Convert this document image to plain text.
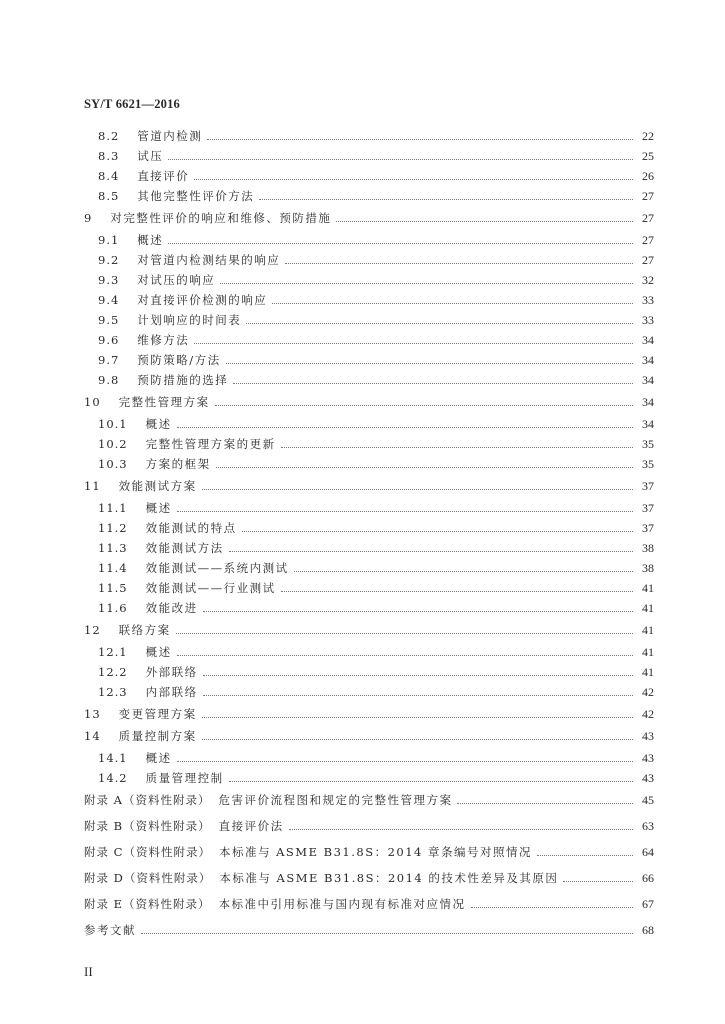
SY/T 6621—2016
8.2 管道内检测	22
8.3 试压	25
8.4 直接评价	26
8.5 其他完整性评价方法	27
9 对完整性评价的响应和维修、预防措施	27
9.1 概述	27
9.2 对管道内检测结果的响应	27
9.3 对试压的响应	32
9.4 对直接评价检测的响应	33
9.5 计划响应的时间表	33
9.6 维修方法	34
9.7 预防策略/方法	34
9.8 预防措施的选择	34
10 完整性管理方案	34
10.1 概述	34
10.2 完整性管理方案的更新	35
10.3 方案的框架	35
11 效能测试方案	37
11.1 概述	37
11.2 效能测试的特点	37
11.3 效能测试方法	38
11.4 效能测试——系统内测试	38
11.5 效能测试——行业测试	41
11.6 效能改进	41
12 联络方案	41
12.1 概述	41
12.2 外部联络	41
12.3 内部联络	42
13 变更管理方案	42
14 质量控制方案	43
14.1 概述	43
14.2 质量管理控制	43
附录 A（资料性附录） 危害评价流程图和规定的完整性管理方案	45
附录 B（资料性附录） 直接评价法	63
附录 C（资料性附录） 本标准与 ASME B31.8S：2014 章条编号对照情况	64
附录 D（资料性附录） 本标准与 ASME B31.8S：2014 的技术性差异及其原因	66
附录 E（资料性附录） 本标准中引用标准与国内现有标准对应情况	67
参考文献	68
II
